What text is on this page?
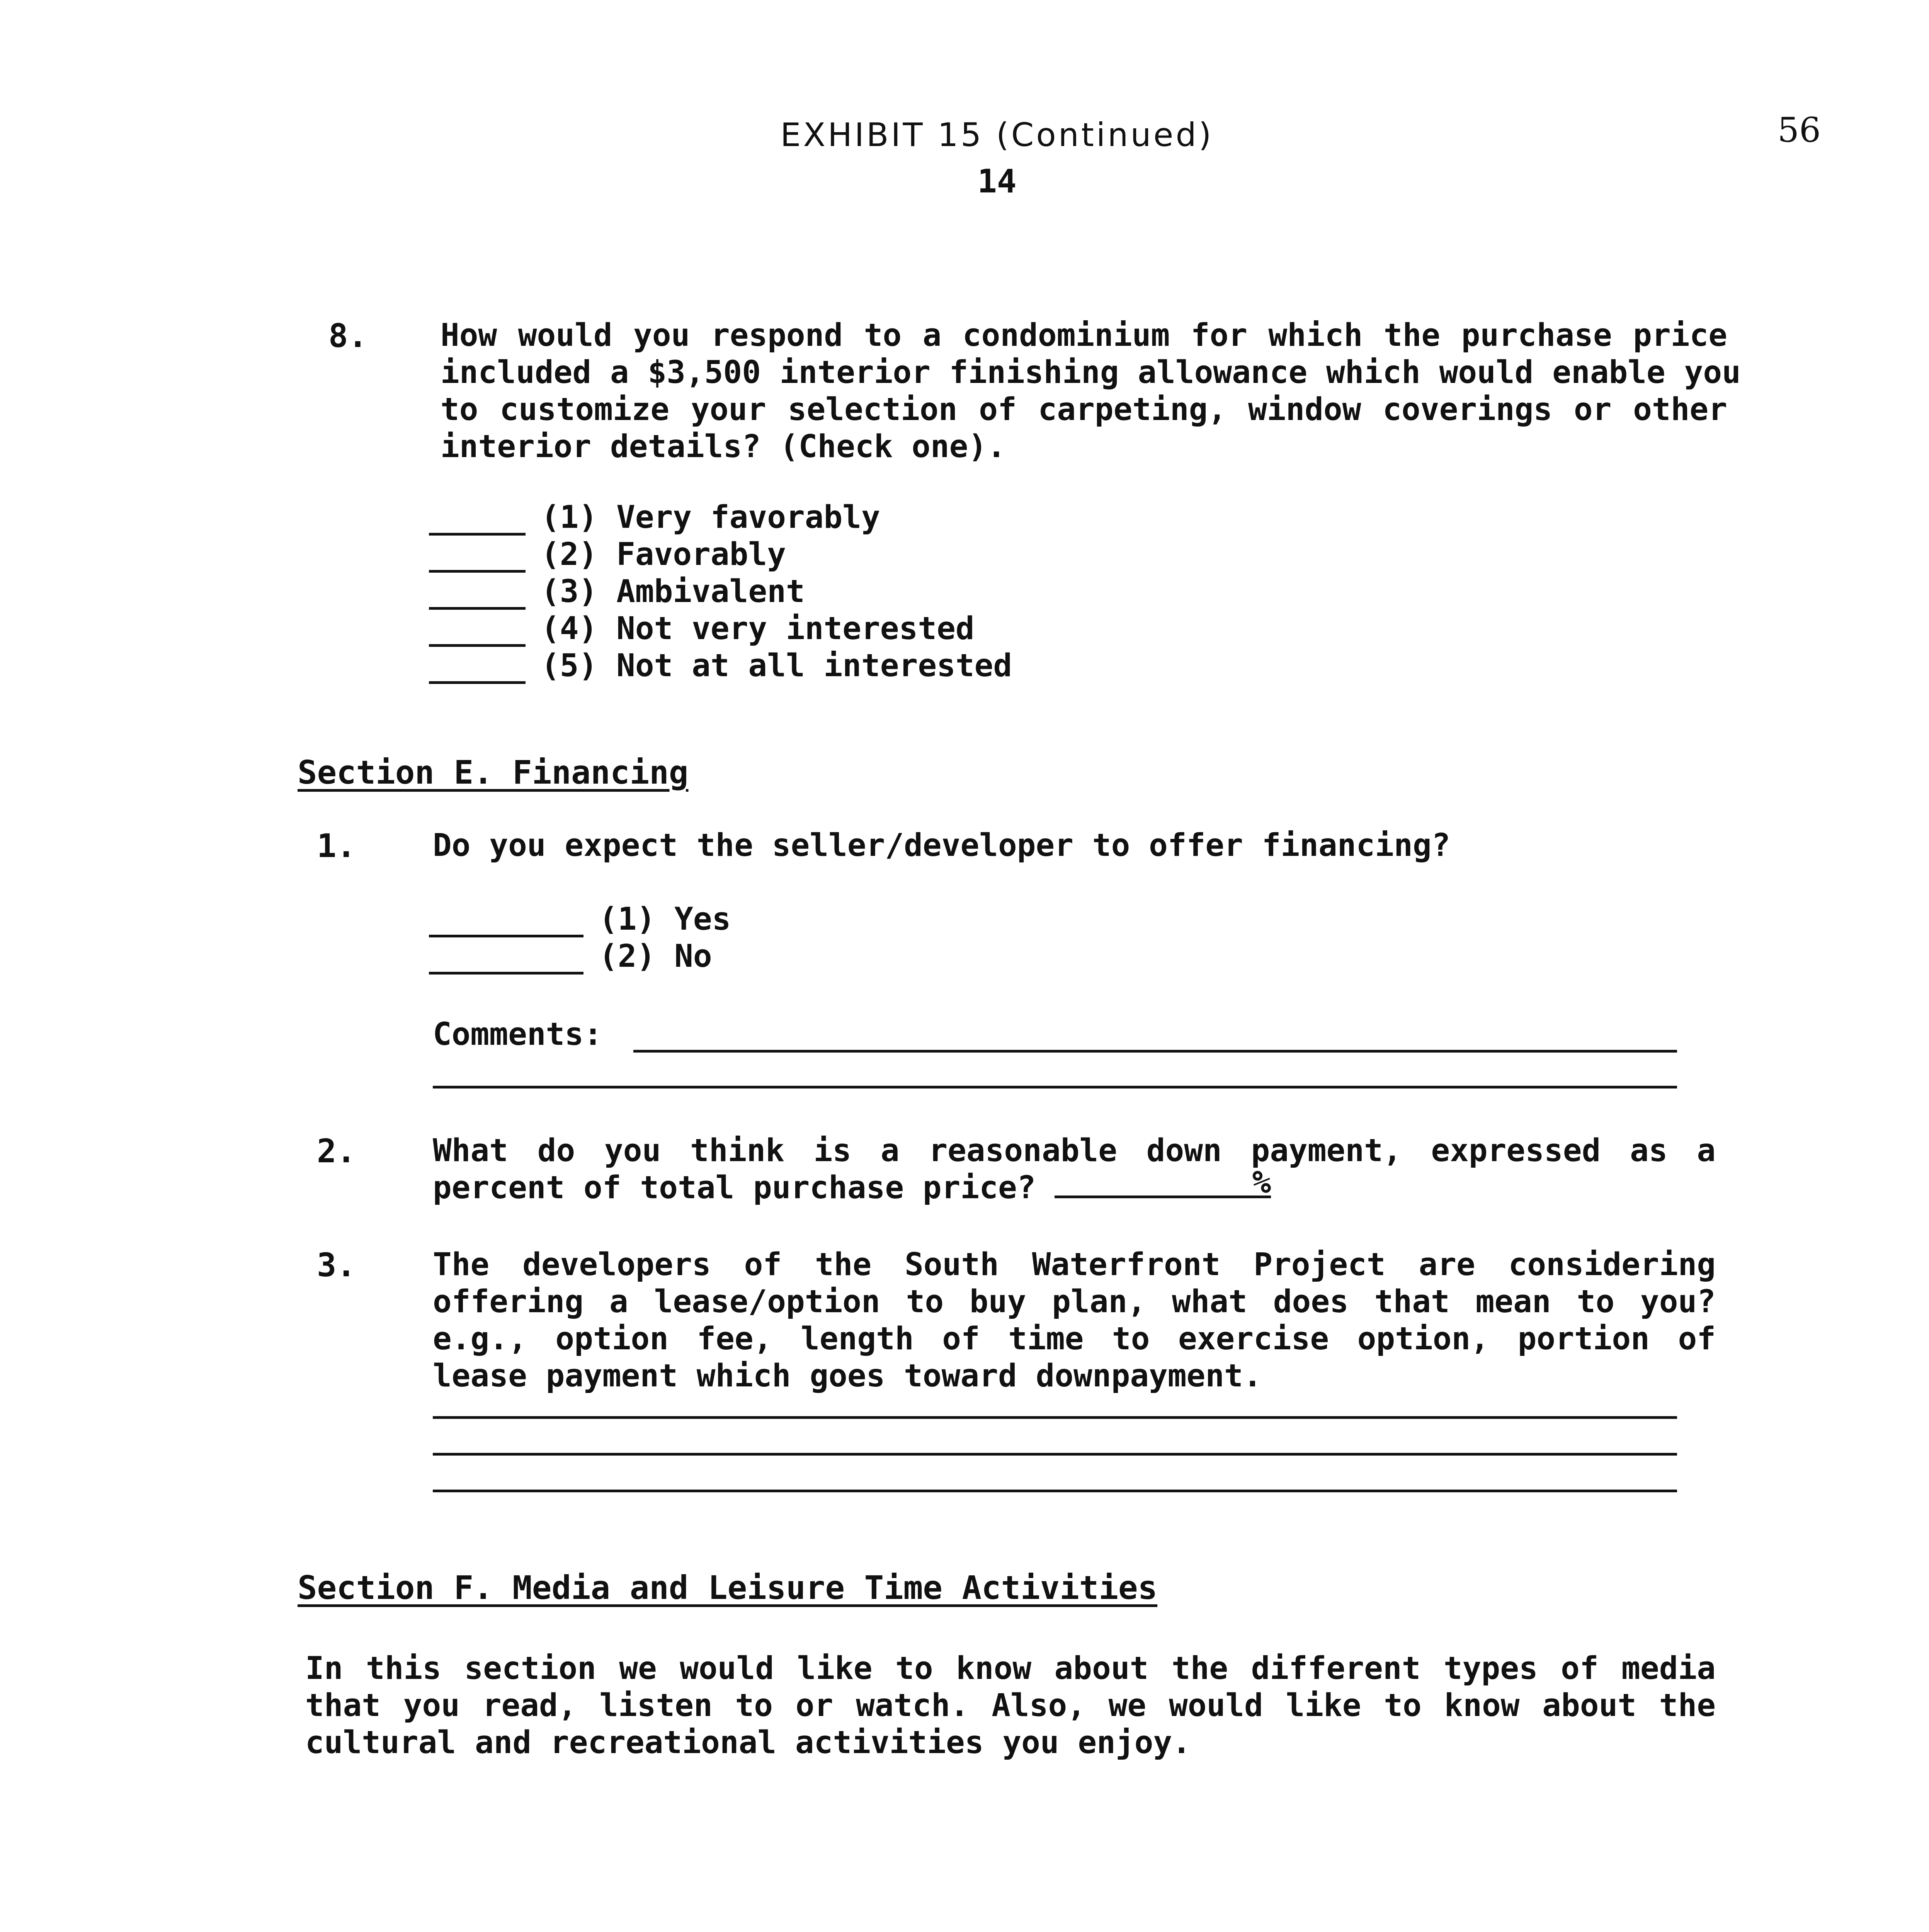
EXHIBIT 15 (Continued)
14
56
8. How would you respond to a condominium for which the purchase price
included a $3,500 interior finishing allowance which would enable you
to customize your selection of carpeting, window coverings or other
interior details? (Check one).
(1) Very favorably
(2) Favorably
(3) Ambivalent
(4) Not very interested
(5) Not at all interested
Section E. Financing
1. Do you expect the seller/developer to offer financing?
(1) Yes
(2) No
Comments:
2. What do you think is a reasonable down payment, expressed as a
percent of total purchase price?	%
3. The developers of the South Waterfront Project are considering
offering a lease/option to buy plan, what does that mean to you?
e.g., option fee, length of time to exercise option, portion of
lease payment which goes toward downpayment.
Section F. Media and Leisure Time Activities
In this section we would like to know about the different types of media
that you read, listen to or watch. Also, we would like to know about the
cultural and recreational activities you enjoy.
